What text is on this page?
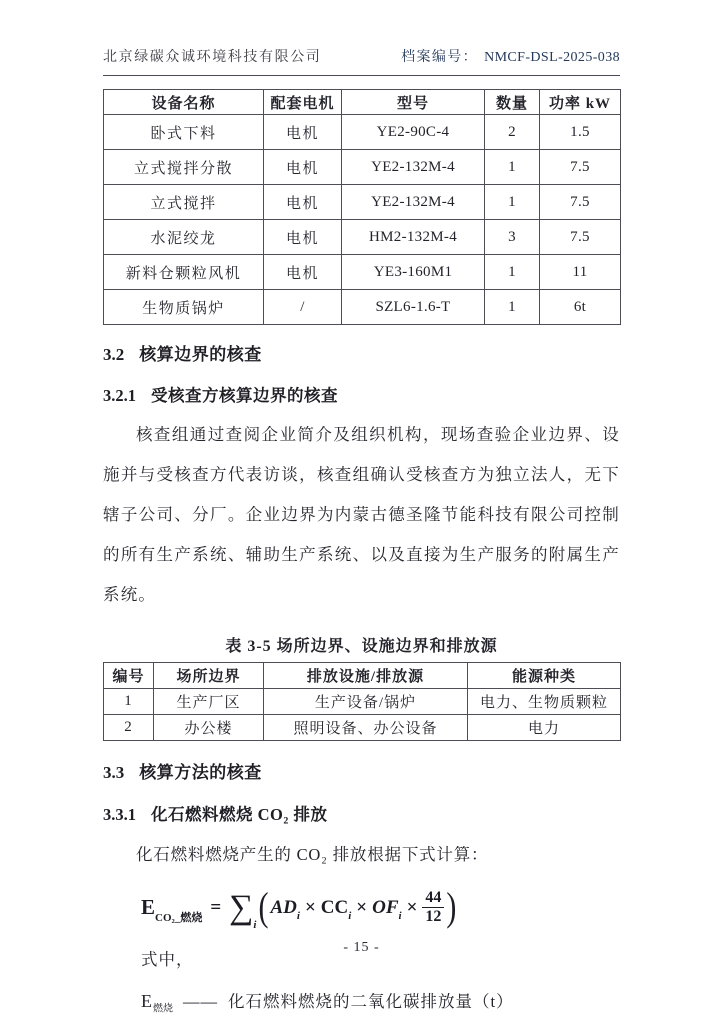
北京绿碳众诚环境科技有限公司	档案编号： NMCF-DSL-2025-038
设备名称	配套电机	型号	数量	功率 kW
卧式下料	电机	YE2-90C-4	2	1.5
立式搅拌分散	电机	YE2-132M-4	1	7.5
立式搅拌	电机	YE2-132M-4	1	7.5
水泥绞龙	电机	HM2-132M-4	3	7.5
新料仓颗粒风机	电机	YE3-160M1	1	11
生物质锅炉	/	SZL6-1.6-T	1	6t
3.2 核算边界的核查
3.2.1 受核查方核算边界的核查

核查组通过查阅企业简介及组织机构，现场查验企业边界、设施并与受核查方代表访谈，核查组确认受核查方为独立法人，无下辖子公司、分厂。企业边界为内蒙古德圣隆节能科技有限公司控制的所有生产系统、辅助生产系统、以及直接为生产服务的附属生产系统。

表 3-5 场所边界、设施边界和排放源
编号	场所边界	排放设施/排放源	能源种类
1	生产厂区	生产设备/锅炉	电力、生物质颗粒
2	办公楼	照明设备、办公设备	电力
3.3 核算方法的核查
3.3.1 化石燃料燃烧 CO₂ 排放

化石燃料燃烧产生的 CO₂ 排放根据下式计算：

$E_{CO_2\_燃烧}$
= $\sum_i$ ( $AD_i \times CC_i \times OF_i \times \frac{44}{12}$ )
式中，
$E_{燃烧}$ —— 化石燃料燃烧的二氧化碳排放量（t）
- 15 -
